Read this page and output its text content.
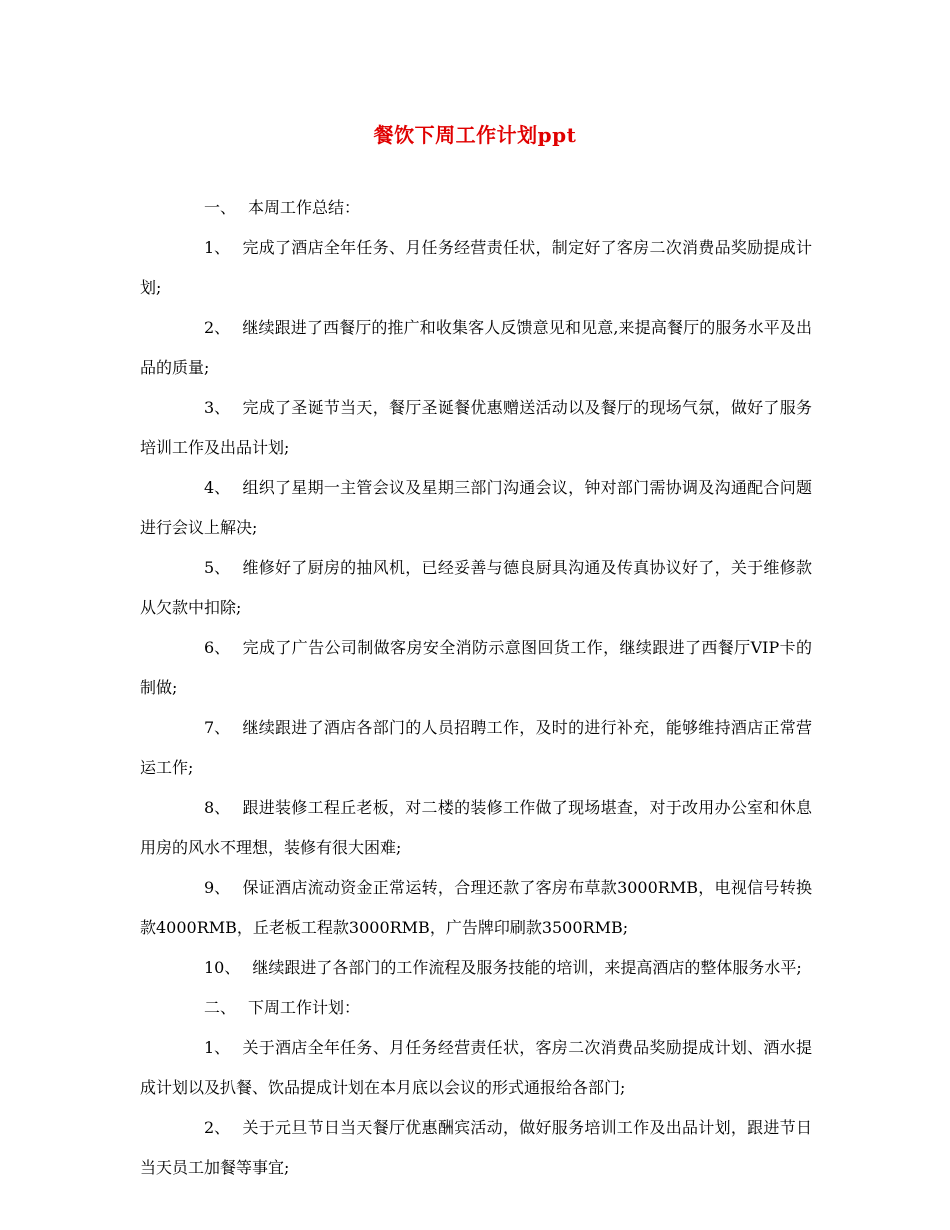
餐饮下周工作计划ppt

一、 本周工作总结：

1、 完成了酒店全年任务、月任务经营责任状，制定好了客房二次消费品奖励提成计划;

2、 继续跟进了西餐厅的推广和收集客人反馈意见和见意,来提高餐厅的服务水平及出品的质量;

3、 完成了圣诞节当天，餐厅圣诞餐优惠赠送活动以及餐厅的现场气氛，做好了服务培训工作及出品计划;

4、 组织了星期一主管会议及星期三部门沟通会议，钟对部门需协调及沟通配合问题进行会议上解决;

5、 维修好了厨房的抽风机，已经妥善与德良厨具沟通及传真协议好了，关于维修款从欠款中扣除;

6、 完成了广告公司制做客房安全消防示意图回货工作，继续跟进了西餐厅VIP卡的制做;

7、 继续跟进了酒店各部门的人员招聘工作，及时的进行补充，能够维持酒店正常营运工作;

8、 跟进装修工程丘老板，对二楼的装修工作做了现场堪查，对于改用办公室和休息用房的风水不理想，装修有很大困难;

9、 保证酒店流动资金正常运转，合理还款了客房布草款3000RMB，电视信号转换款4000RMB，丘老板工程款3000RMB，广告牌印刷款3500RMB;

10、 继续跟进了各部门的工作流程及服务技能的培训，来提高酒店的整体服务水平;

二、 下周工作计划：

1、 关于酒店全年任务、月任务经营责任状，客房二次消费品奖励提成计划、酒水提成计划以及扒餐、饮品提成计划在本月底以会议的形式通报给各部门;

2、 关于元旦节日当天餐厅优惠酬宾活动，做好服务培训工作及出品计划，跟进节日当天员工加餐等事宜;
